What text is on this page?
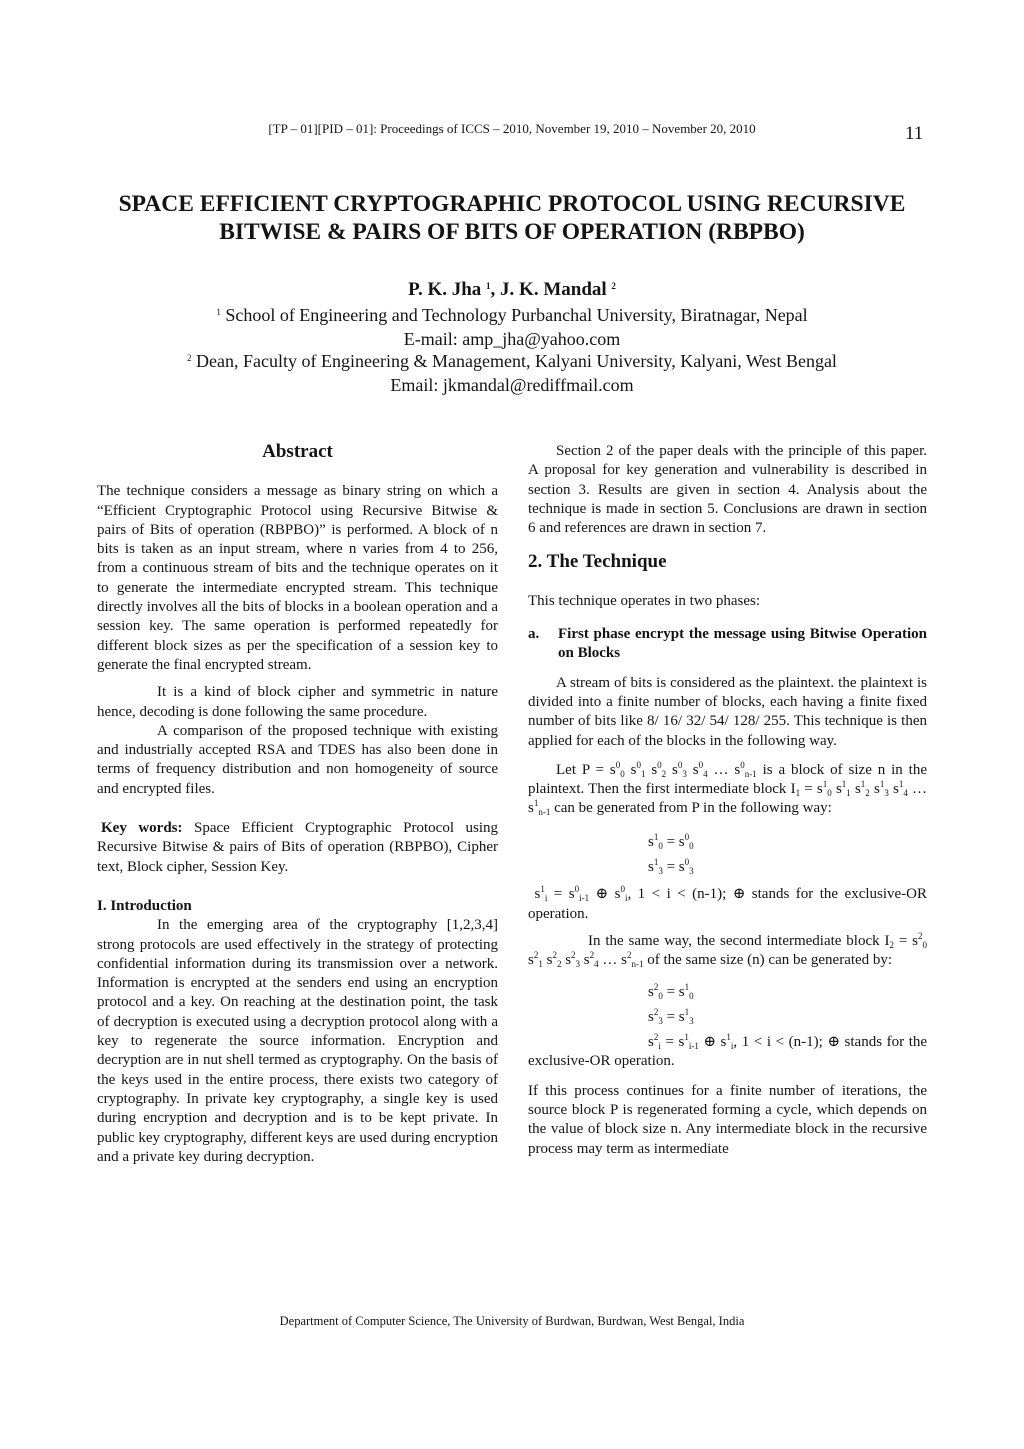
[TP – 01][PID – 01]: Proceedings of ICCS – 2010, November 19, 2010 – November 20, 2010	11
SPACE EFFICIENT CRYPTOGRAPHIC PROTOCOL USING RECURSIVE
BITWISE & PAIRS OF BITS OF OPERATION (RBPBO)
P. K. Jha $^1$, J. K. Mandal $^2$
$^1$ School of Engineering and Technology Purbanchal University, Biratnagar, Nepal
E-mail: amp_jha@yahoo.com
$^2$ Dean, Faculty of Engineering & Management, Kalyani University, Kalyani, West Bengal
Email: jkmandal@rediffmail.com

Abstract

The technique considers a message as binary string on which a “Efficient Cryptographic Protocol using Recursive Bitwise & pairs of Bits of operation (RBPBO)” is performed. A block of n bits is taken as an input stream, where n varies from 4 to 256, from a continuous stream of bits and the technique operates on it to generate the intermediate encrypted stream. This technique directly involves all the bits of blocks in a boolean operation and a session key. The same operation is performed repeatedly for different block sizes as per the specification of a session key to generate the final encrypted stream.

It is a kind of block cipher and symmetric in nature hence, decoding is done following the same procedure.

A comparison of the proposed technique with existing and industrially accepted RSA and TDES has also been done in terms of frequency distribution and non homogeneity of source and encrypted files.

Key words: Space Efficient Cryptographic Protocol using Recursive Bitwise & pairs of Bits of operation (RBPBO), Cipher text, Block cipher, Session Key.

I. Introduction

In the emerging area of the cryptography [1,2,3,4] strong protocols are used effectively in the strategy of protecting confidential information during its transmission over a network. Information is encrypted at the senders end using an encryption protocol and a key. On reaching at the destination point, the task of decryption is executed using a decryption protocol along with a key to regenerate the source information. Encryption and decryption are in nut shell termed as cryptography. On the basis of the keys used in the entire process, there exists two category of cryptography. In private key cryptography, a single key is used during encryption and decryption and is to be kept private. In public key cryptography, different keys are used during encryption and a private key during decryption.

Section 2 of the paper deals with the principle of this paper. A proposal for key generation and vulnerability is described in section 3. Results are given in section 4. Analysis about the technique is made in section 5. Conclusions are drawn in section 6 and references are drawn in section 7.

2. The Technique

This technique operates in two phases:

a. First phase encrypt the message using Bitwise Operation on Blocks

A stream of bits is considered as the plaintext. the plaintext is divided into a finite number of blocks, each having a finite fixed number of bits like 8/ 16/ 32/ 54/ 128/ 255. This technique is then applied for each of the blocks in the following way.

Let $P = s^0_0$ $s^0_1$ $s^0_2$ $s^0_3$ $s^0_4$ … $s^0_{n-1}$ is a block of size n in the plaintext. Then the first intermediate block $I_1 = s^1_0$ $s^1_1$ $s^1_2$ $s^1_3$ $s^1_4$ … $s^1_{n-1}$ can be generated from P in the following way:

$s^1_0 = s^0_0$

$s^1_3 = s^0_3$

$s^1_i = s^0_{i-1}$ ⊕ $s^0_i$, 1 < i < (n-1); ⊕ stands for the exclusive-OR operation.

In the same way, the second intermediate block $I_2 = s^2_0$ $s^2_1$ $s^2_2$ $s^2_3$ $s^2_4$ … $s^2_{n-1}$ of the same size (n) can be generated by:

$s^2_0 = s^1_0$

$s^2_3 = s^1_3$

$s^2_i = s^1_{i-1}$ ⊕ $s^1_i$, 1 < i < (n-1); ⊕ stands for the exclusive-OR operation.

If this process continues for a finite number of iterations, the source block P is regenerated forming a cycle, which depends on the value of block size n. Any intermediate block in the recursive process may term as intermediate

Department of Computer Science, The University of Burdwan, Burdwan, West Bengal, India
